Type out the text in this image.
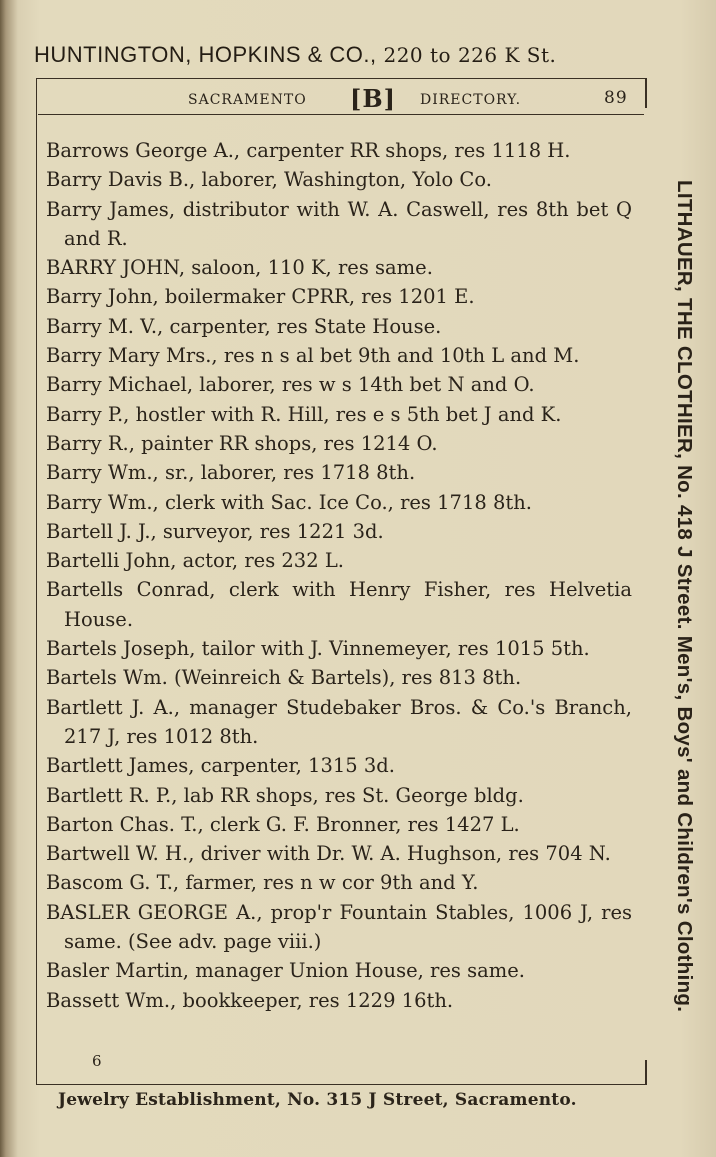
HUNTINGTON, HOPKINS & CO., 220 to 226 K St.
SACRAMENTO [B] DIRECTORY.	89

Barrows George A., carpenter RR shops, res 1118 H.

Barry Davis B., laborer, Washington, Yolo Co.

Barry James, distributor with W. A. Caswell, res 8th bet Q and R.

BARRY JOHN, saloon, 110 K, res same.

Barry John, boilermaker CPRR, res 1201 E.

Barry M. V., carpenter, res State House.

Barry Mary Mrs., res n s al bet 9th and 10th L and M.

Barry Michael, laborer, res w s 14th bet N and O.

Barry P., hostler with R. Hill, res e s 5th bet J and K.

Barry R., painter RR shops, res 1214 O.

Barry Wm., sr., laborer, res 1718 8th.

Barry Wm., clerk with Sac. Ice Co., res 1718 8th.

Bartell J. J., surveyor, res 1221 3d.

Bartelli John, actor, res 232 L.

Bartells Conrad, clerk with Henry Fisher, res Helvetia House.

Bartels Joseph, tailor with J. Vinnemeyer, res 1015 5th.

Bartels Wm. (Weinreich & Bartels), res 813 8th.

Bartlett J. A., manager Studebaker Bros. & Co.'s Branch, 217 J, res 1012 8th.

Bartlett James, carpenter, 1315 3d.

Bartlett R. P., lab RR shops, res St. George bldg.

Barton Chas. T., clerk G. F. Bronner, res 1427 L.

Bartwell W. H., driver with Dr. W. A. Hughson, res 704 N.

Bascom G. T., farmer, res n w cor 9th and Y.

BASLER GEORGE A., prop'r Fountain Stables, 1006 J, res same. (See adv. page viii.)

Basler Martin, manager Union House, res same.

Bassett Wm., bookkeeper, res 1229 16th.

6
Jewelry Establishment, No. 315 J Street, Sacramento.
LITHAUER, THE CLOTHIER, No. 418 J Street. Men's, Boys' and Children's Clothing.
